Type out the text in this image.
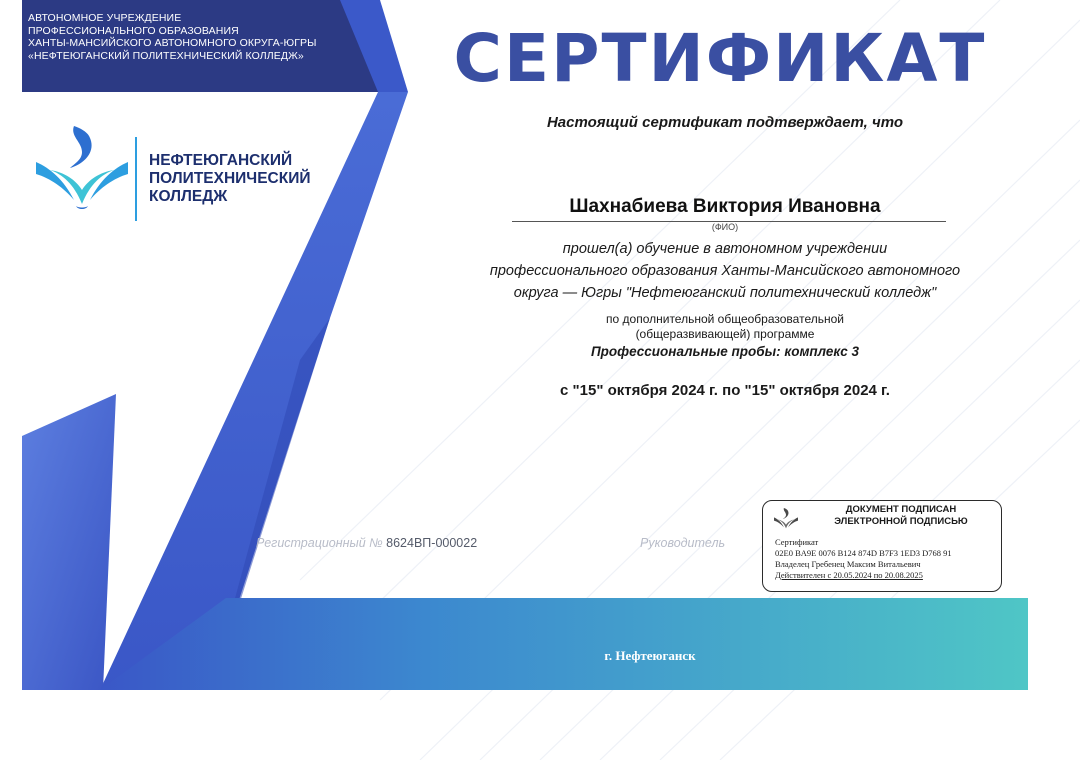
АВТОНОМНОЕ УЧРЕЖДЕНИЕ
ПРОФЕССИОНАЛЬНОГО ОБРАЗОВАНИЯ
ХАНТЫ-МАНСИЙСКОГО АВТОНОМНОГО ОКРУГА-ЮГРЫ
«НЕФТЕЮГАНСКИЙ ПОЛИТЕХНИЧЕСКИЙ КОЛЛЕДЖ»
НЕФТЕЮГАНСКИЙ
ПОЛИТЕХНИЧЕСКИЙ
КОЛЛЕДЖ
СЕРТИФИКАТ
Настоящий сертификат подтверждает, что
Шахнабиева Виктория Ивановна
(ФИО)
прошел(а) обучение в автономном учреждении
профессионального образования Ханты-Мансийского автономного
округа — Югры "Нефтеюганский политехнический колледж"
по дополнительной общеобразовательной
(общеразвивающей) программе
Профессиональные пробы: комплекс 3
с "15" октября 2024 г. по "15" октября 2024 г.
Регистрационный № 8624ВП-000022	Руководитель
ДОКУМЕНТ ПОДПИСАН
ЭЛЕКТРОННОЙ ПОДПИСЬЮ
Сертификат
02E0 BA9E 0076 B124 874D B7F3 1ED3 D768 91
Владелец Гребенец Максим Витальевич
Действителен с 20.05.2024 по 20.08.2025
г. Нефтеюганск
